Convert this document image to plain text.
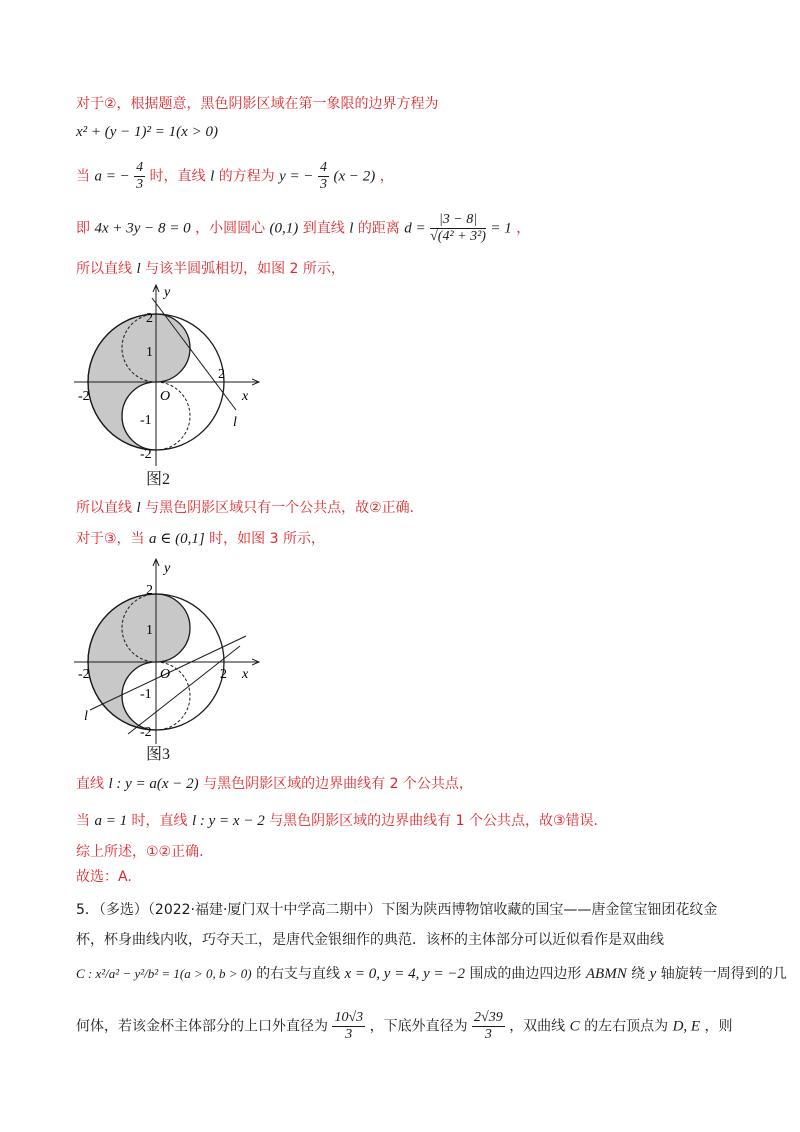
对于②，根据题意，黑色阴影区域在第一象限的边界方程为
x² + (y − 1)² = 1(x > 0)
当 a = − $\frac{4}{3}$ 时，直线 l 的方程为 y = − $\frac{4}{3} (x - 2)$ ，
即 4x + 3y − 8 = 0 ，小圆圆心 (0,1) 到直线 l 的距离 $d = \frac{|3 - 8|}{\text{√(4² + 3²)}} = 1$ ，
所以直线 l 与该半圆弧相切，如图 2 所示，
y
x
O
2
1
-1
-2
-2
2
l
图2
所以直线 l 与黑色阴影区域只有一个公共点，故②正确.
对于③，当 a ∈ (0,1] 时，如图 3 所示，
y
x
O
2
1
-1
-2
-2	2
l
图3
直线 l : y = a(x − 2) 与黑色阴影区域的边界曲线有 2 个公共点，
当 a = 1 时，直线 l : y = x − 2 与黑色阴影区域的边界曲线有 1 个公共点，故③错误.
综上所述，①②正确.
故选：A.
5．（多选）（2022·福建·厦门双十中学高二期中）下图为陕西博物馆收藏的国宝——唐金筐宝钿团花纹金
杯，杯身曲线内收，巧夺天工，是唐代金银细作的典范．该杯的主体部分可以近似看作是双曲线
C : x²/a² − y²/b² = 1(a > 0, b > 0) 的右支与直线 x = 0, y = 4, y = −2 围成的曲边四边形 ABMN 绕 y 轴旋转一周得到的几
何体，若该金杯主体部分的上口外直径为 $\frac{10√3}{3}$ ，下底外直径为 $\frac{2√39}{3}$ ，双曲线 C 的左右顶点为 D, E ，则
